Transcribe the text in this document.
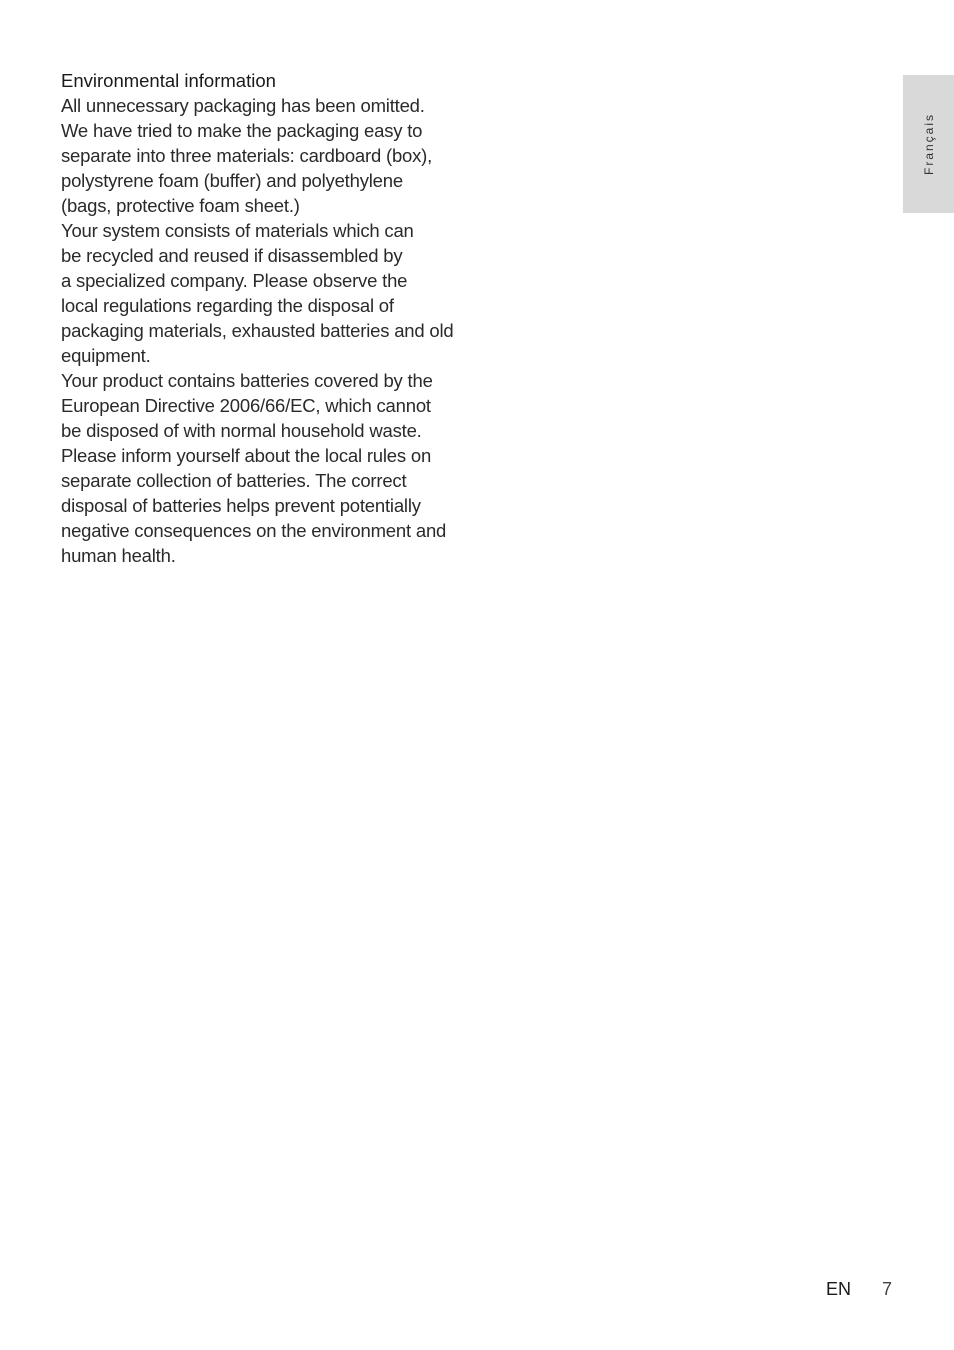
Français
Environmental information
All unnecessary packaging has been omitted.
We have tried to make the packaging easy to
separate into three materials: cardboard (box),
polystyrene foam (buffer) and polyethylene
(bags, protective foam sheet.)
Your system consists of materials which can
be recycled and reused if disassembled by
a specialized company. Please observe the
local regulations regarding the disposal of
packaging materials, exhausted batteries and old
equipment.
Your product contains batteries covered by the
European Directive 2006/66/EC, which cannot
be disposed of with normal household waste.
Please inform yourself about the local rules on
separate collection of batteries. The correct
disposal of batteries helps prevent potentially
negative consequences on the environment and
human health.
EN 7
